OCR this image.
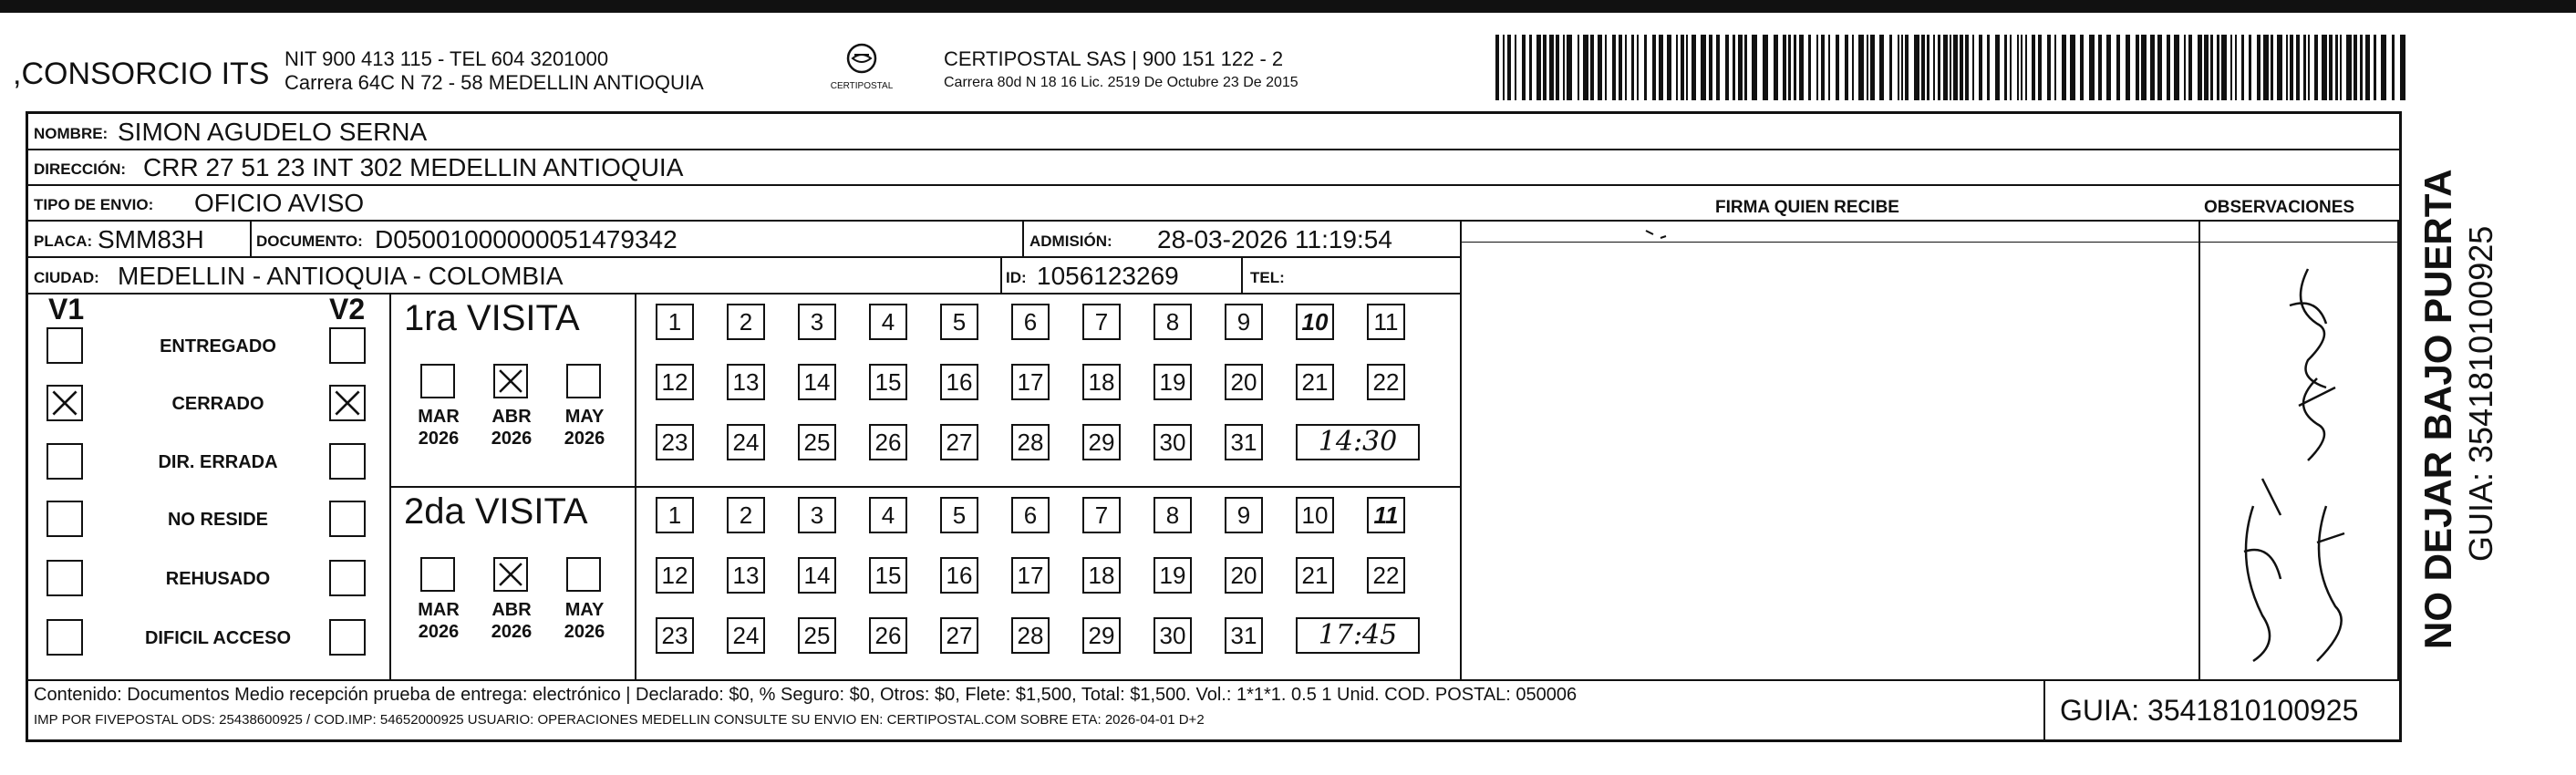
,CONSORCIO ITS NIT 900 413 115 - TEL 604 3201000
Carrera 64C N 72 - 58 MEDELLIN ANTIOQUIA	CERTIPOSTAL
CERTIPOSTAL SAS | 900 151 122 - 2
Carrera 80d N 18 16 Lic. 2519 De Octubre 23 De 2015
NOMBRE: SIMON AGUDELO SERNA
DIRECCIÓN: CRR 27 51 23 INT 302 MEDELLIN ANTIOQUIA
TIPO DE ENVIO: OFICIO AVISO	FIRMA QUIEN RECIBE	OBSERVACIONES
PLACA: SMM83H	DOCUMENTO: D05001000000051479342	ADMISIÓN: 28-03-2026 11:19:54
CIUDAD: MEDELLIN - ANTIOQUIA - COLOMBIA	ID: 1056123269	TEL:
V1	V2
ENTREGADO
CERRADO
DIR. ERRADA
NO RESIDE
REHUSADO
DIFICIL ACCESO
1ra VISITA
MAR
2026
ABR
2026
MAY
2026
1	2	3	4	5	6	7	8	9	10 11
12 13 14 15 16 17 18 19 20 21 22
23 24 25 26 27 28 29 30 31	14:30
2da VISITA
MAR
2026
ABR
2026
MAY
2026
1	2	3	4	5	6	7	8	9	10 11
12 13 14 15 16 17 18 19 20 21 22
23 24 25 26 27 28 29 30 31	17:45
Contenido: Documentos Medio recepción prueba de entrega: electrónico | Declarado: $0, % Seguro: $0, Otros: $0, Flete: $1,500, Total: $1,500. Vol.: 1*1*1. 0.5 1 Unid. COD. POSTAL: 050006
IMP POR FIVEPOSTAL ODS: 25438600925 / COD.IMP: 54652000925 USUARIO: OPERACIONES MEDELLIN CONSULTE SU ENVIO EN: CERTIPOSTAL.COM SOBRE ETA: 2026-04-01 D+2	GUIA: 3541810100925
NO DEJAR BAJO PUERTA GUIA: 3541810100925
